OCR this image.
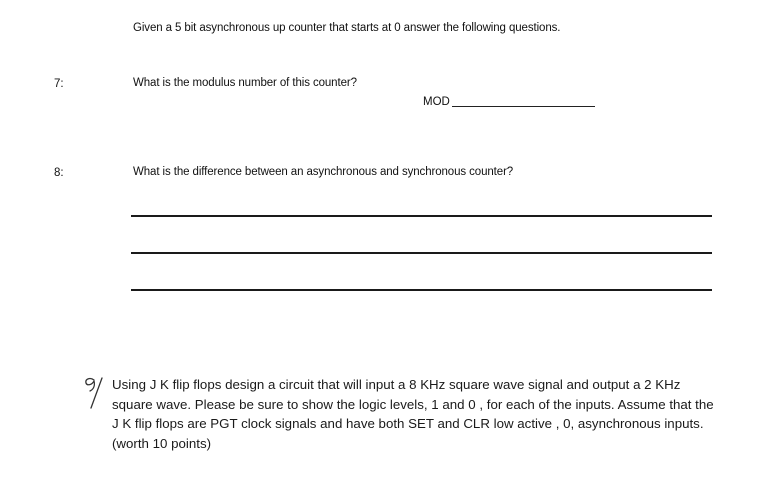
Given a 5 bit asynchronous up counter that starts at 0 answer the following questions.
7:	What is the modulus number of this counter?
MOD
8:	What is the difference between an asynchronous and synchronous counter?
Using J K flip flops design a circuit that will input a 8 KHz square wave signal and output a 2 KHz square wave. Please be sure to show the logic levels, 1 and 0 , for each of the inputs. Assume that the J K flip flops are PGT clock signals and have both SET and CLR low active , 0, asynchronous inputs. (worth 10 points)
